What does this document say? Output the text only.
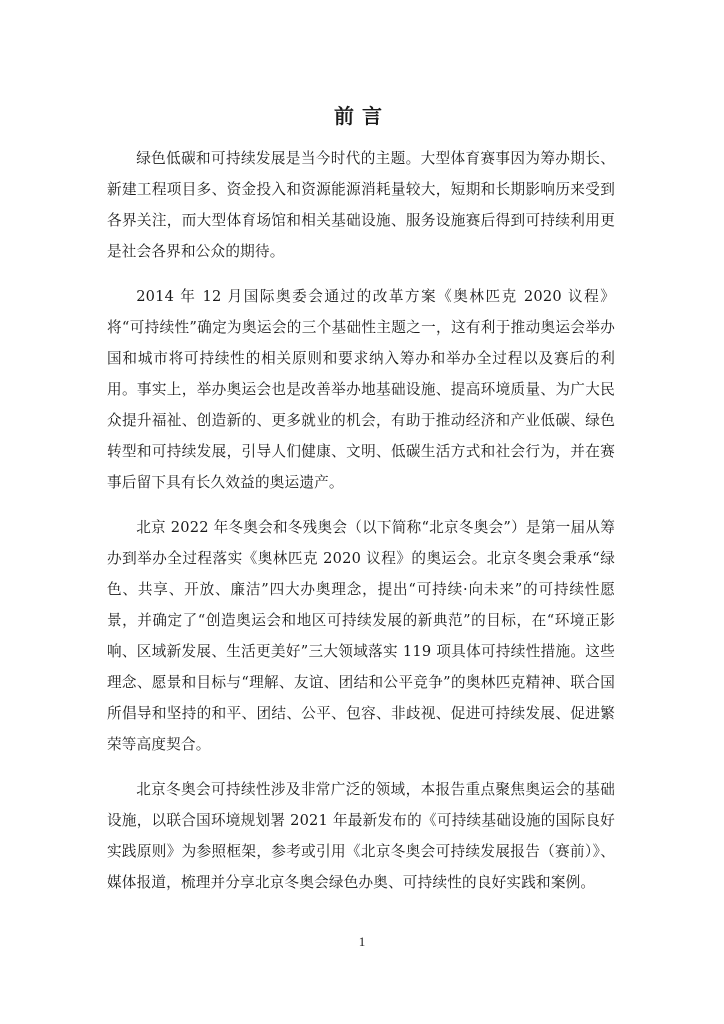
前言

绿色低碳和可持续发展是当今时代的主题。大型体育赛事因为筹办期长、新建工程项目多、资金投入和资源能源消耗量较大，短期和长期影响历来受到各界关注，而大型体育场馆和相关基础设施、服务设施赛后得到可持续利用更是社会各界和公众的期待。

2014 年 12 月国际奥委会通过的改革方案《奥林匹克 2020 议程》将“可持续性”确定为奥运会的三个基础性主题之一，这有利于推动奥运会举办国和城市将可持续性的相关原则和要求纳入筹办和举办全过程以及赛后的利用。事实上，举办奥运会也是改善举办地基础设施、提高环境质量、为广大民众提升福祉、创造新的、更多就业的机会，有助于推动经济和产业低碳、绿色转型和可持续发展，引导人们健康、文明、低碳生活方式和社会行为，并在赛事后留下具有长久效益的奥运遗产。

北京 2022 年冬奥会和冬残奥会（以下简称“北京冬奥会”）是第一届从筹办到举办全过程落实《奥林匹克 2020 议程》的奥运会。北京冬奥会秉承“绿色、共享、开放、廉洁”四大办奥理念，提出“可持续·向未来”的可持续性愿景，并确定了“创造奥运会和地区可持续发展的新典范”的目标，在“环境正影响、区域新发展、生活更美好”三大领域落实 119 项具体可持续性措施。这些理念、愿景和目标与“理解、友谊、团结和公平竞争”的奥林匹克精神、联合国所倡导和坚持的和平、团结、公平、包容、非歧视、促进可持续发展、促进繁荣等高度契合。

北京冬奥会可持续性涉及非常广泛的领域，本报告重点聚焦奥运会的基础设施，以联合国环境规划署 2021 年最新发布的《可持续基础设施的国际良好实践原则》为参照框架，参考或引用《北京冬奥会可持续发展报告（赛前）》、媒体报道，梳理并分享北京冬奥会绿色办奥、可持续性的良好实践和案例。

1
